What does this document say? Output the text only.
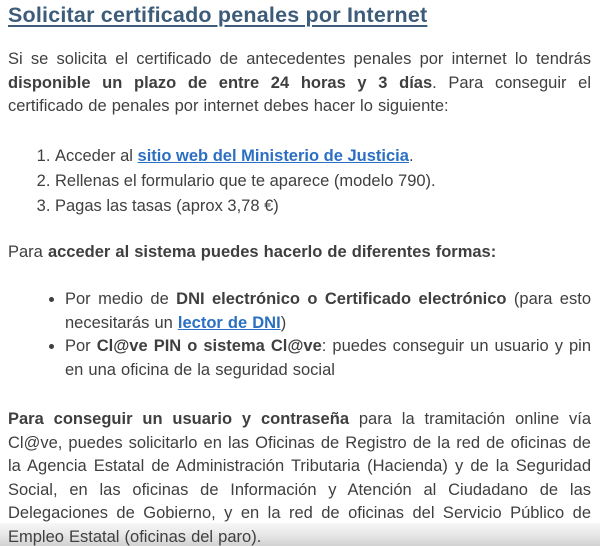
Solicitar certificado penales por Internet

Si se solicita el certificado de antecedentes penales por internet lo tendrás disponible un plazo de entre 24 horas y 3 días. Para conseguir el certificado de penales por internet debes hacer lo siguiente:

1. Acceder al sitio web del Ministerio de Justicia.
2. Rellenas el formulario que te aparece (modelo 790).
3. Pagas las tasas (aprox 3,78 €)

Para acceder al sistema puedes hacerlo de diferentes formas:

• Por medio de DNI electrónico o Certificado electrónico (para esto necesitarás un lector de DNI)
• Por Cl@ve PIN o sistema Cl@ve: puedes conseguir un usuario y pin en una oficina de la seguridad social

Para conseguir un usuario y contraseña para la tramitación online vía Cl@ve, puedes solicitarlo en las Oficinas de Registro de la red de oficinas de la Agencia Estatal de Administración Tributaria (Hacienda) y de la Seguridad Social, en las oficinas de Información y Atención al Ciudadano de las Delegaciones de Gobierno, y en la red de oficinas del Servicio Público de Empleo Estatal (oficinas del paro).
